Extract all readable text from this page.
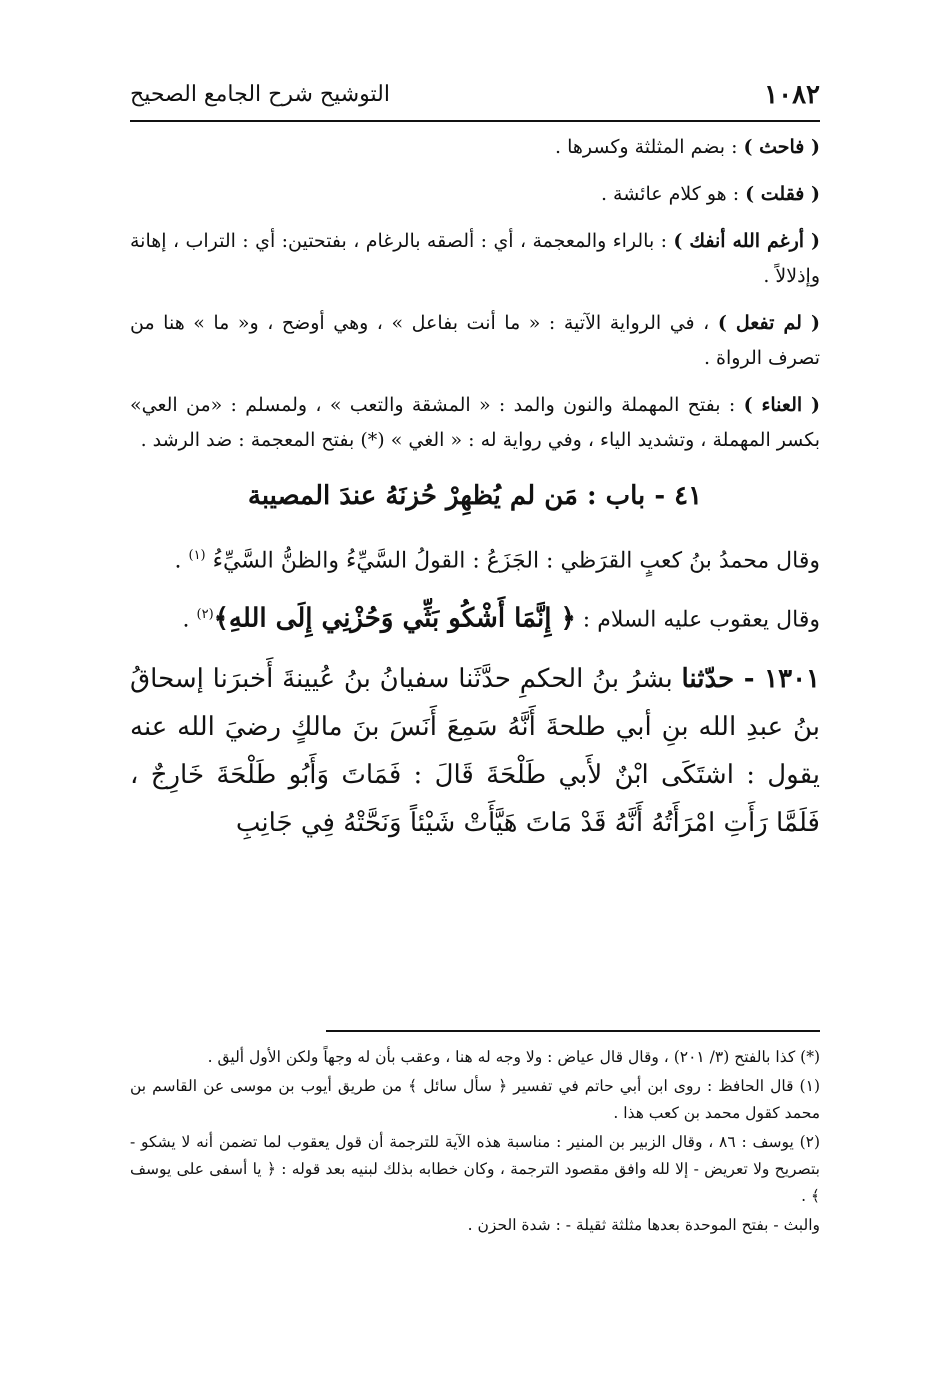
١٠٨٢
التوشيح شرح الجامع الصحيح

( فاحث ) : بضم المثلثة وكسرها .

( فقلت ) : هو كلام عائشة .

( أرغم الله أنفك ) : بالراء والمعجمة ، أي : ألصقه بالرغام ، بفتحتين: أي : التراب ، إهانة وإذلالاً .

( لم تفعل ) ، في الرواية الآتية : « ما أنت بفاعل » ، وهي أوضح ، و« ما » هنا من تصرف الرواة .

( العناء ) : بفتح المهملة والنون والمد : « المشقة والتعب » ، ولمسلم : «من العي» بكسر المهملة ، وتشديد الياء ، وفي رواية له : « الغي » (*) بفتح المعجمة : ضد الرشد .

٤١ - باب : مَن لم يُظهِرْ حُزنَهُ عندَ المصيبة

وقال محمدُ بنُ كعبٍ القرَظي : الجَزَعُ : القولُ السَّيِّءُ والظنُّ السَّيِّءُ $^{(١)}$ .

وقال يعقوب عليه السلام : ﴿ إِنَّمَا أَشْكُو بَثِّي وَحُزْنِي إِلَى اللهِ﴾$^{(٢)}$ .

١٣٠١ - حدّثنا بشرُ بنُ الحكمِ حدَّثَنا سفيانُ بنُ عُيينةَ أَخبرَنا إسحاقُ بنُ عبدِ الله بنِ أبي طلحةَ أَنَّهُ سَمِعَ أَنَسَ بنَ مالكٍ رضيَ الله عنه يقول : اشتَكَى ابْنٌ لأَبي طَلْحَةَ قَالَ : فَمَاتَ وَأَبُو طَلْحَةَ خَارِجٌ ، فَلَمَّا رَأَتِ امْرَأَتُهُ أَنَّهُ قَدْ مَاتَ هَيَّأَتْ شَيْئاً وَنَحَّتْهُ فِي جَانِبِ

(*) كذا بالفتح (٣/ ٢٠١) ، وقال قال عياض : ولا وجه له هنا ، وعقب بأن له وجهاً ولكن الأول أليق .

(١) قال الحافظ : روى ابن أبي حاتم في تفسير ﴿ سأل سائل ﴾ من طريق أيوب بن موسى عن القاسم بن محمد كقول محمد بن كعب هذا .

(٢) يوسف : ٨٦ ، وقال الزبير بن المنير : مناسبة هذه الآية للترجمة أن قول يعقوب لما تضمن أنه لا يشكو - بتصريح ولا تعريض - إلا لله وافق مقصود الترجمة ، وكان خطابه بذلك لبنيه بعد قوله : ﴿ يا أسفى على يوسف ﴾ .

والبث - بفتح الموحدة بعدها مثلثة ثقيلة - : شدة الحزن .
